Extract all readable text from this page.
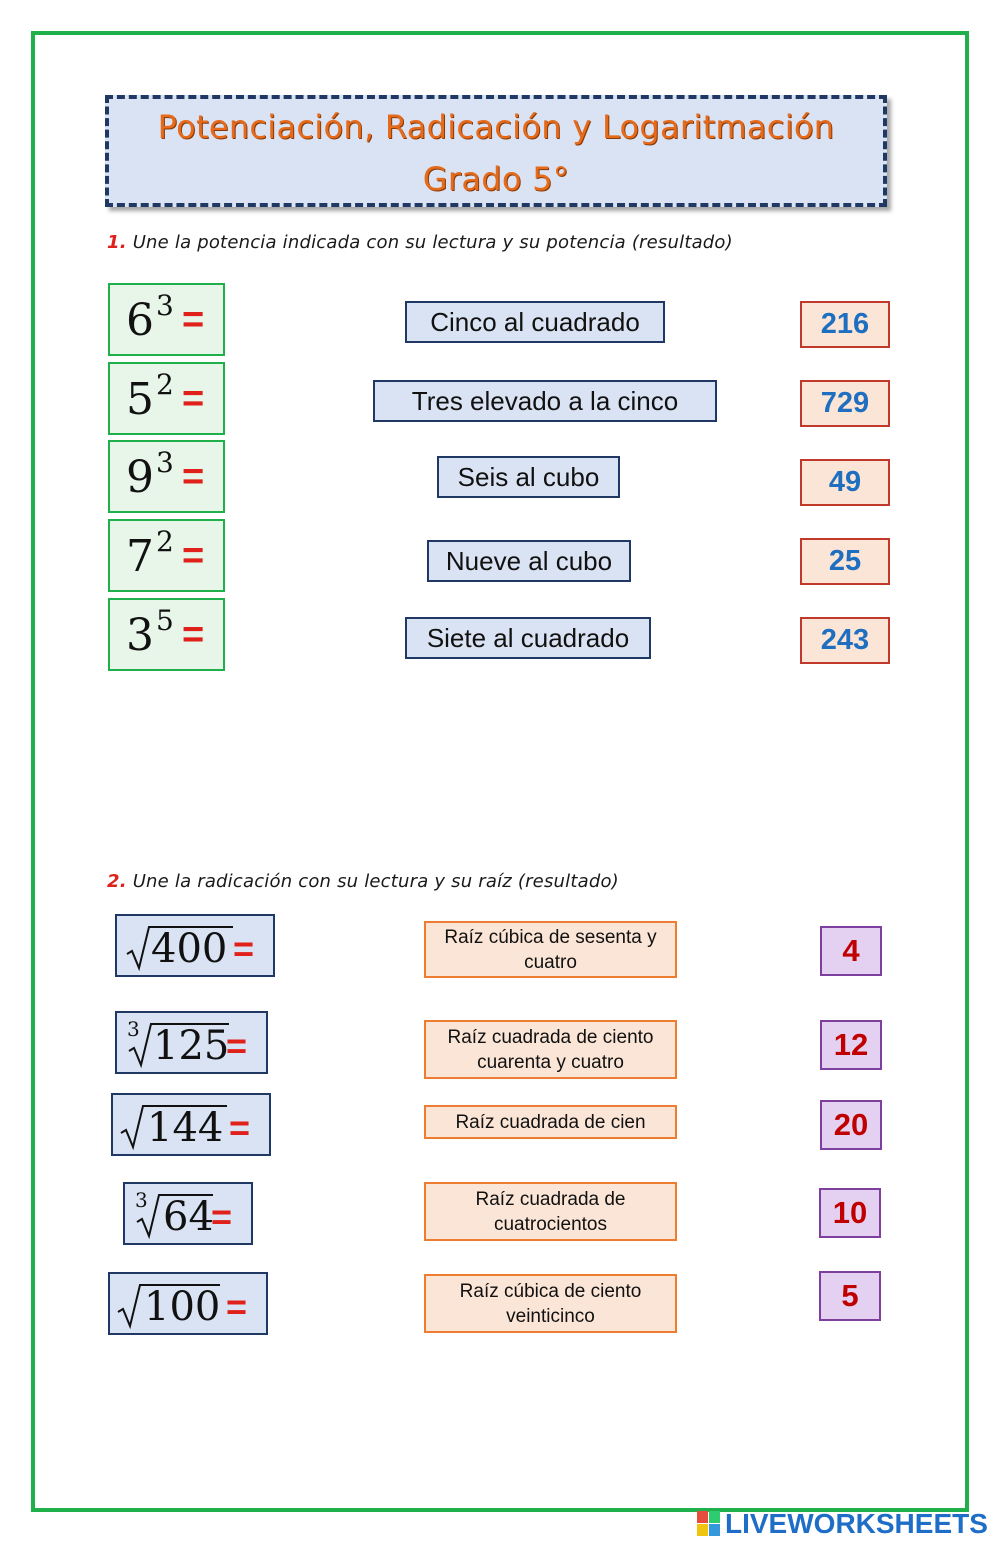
Potenciación, Radicación y Logaritmación
Grado 5°
1. Une la potencia indicada con su lectura y su potencia (resultado)
6 3 =
5 2 =
9 3 =
7 2 =
3 5 =
Cinco al cuadrado
Tres elevado a la cinco
Seis al cubo
Nueve al cubo
Siete al cuadrado
216
729
49
25
243
2. Une la radicación con su lectura y su raíz (resultado)
400 =
3 125
=
144 =
3 64
=
100 =
Raíz cúbica de sesenta y
cuatro
Raíz cuadrada de ciento
cuarenta y cuatro
Raíz cuadrada de cien
Raíz cuadrada de
cuatrocientos
Raíz cúbica de ciento
veinticinco
4
12
20
10
5
LIVEWORKSHEETS
